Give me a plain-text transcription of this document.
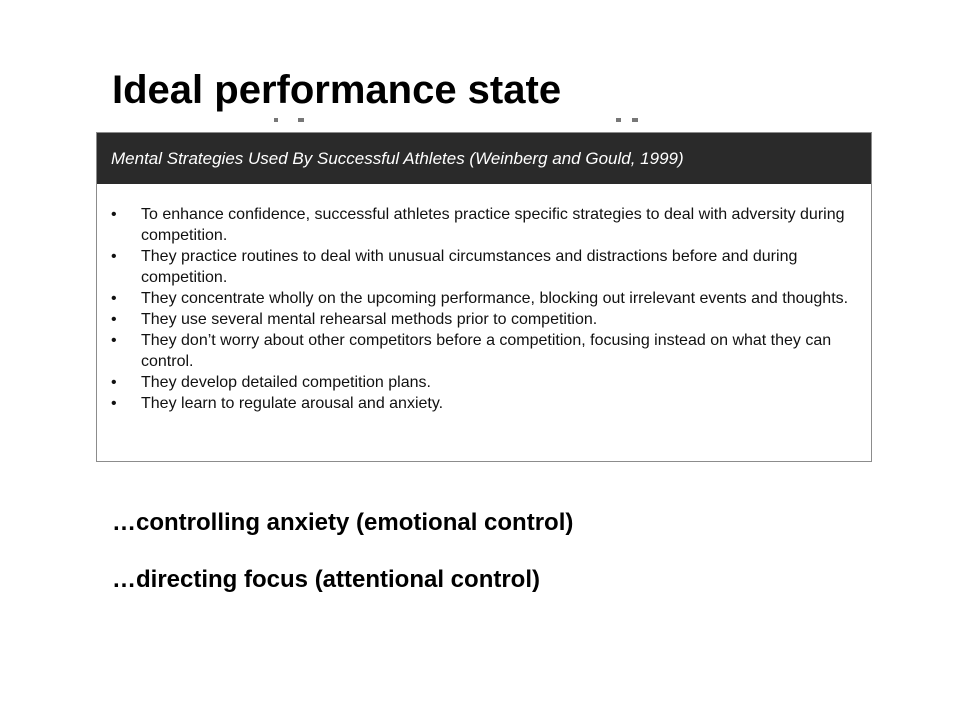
Ideal performance state
Mental Strategies Used By Successful Athletes (Weinberg and Gould, 1999)
• To enhance confidence, successful athletes practice specific strategies to deal with adversity during competition.
• They practice routines to deal with unusual circumstances and distractions before and during competition.
• They concentrate wholly on the upcoming performance, blocking out irrelevant events and thoughts.
• They use several mental rehearsal methods prior to competition.
• They don’t worry about other competitors before a competition, focusing instead on what they can control.
• They develop detailed competition plans.
• They learn to regulate arousal and anxiety.

…controlling anxiety (emotional control)

…directing focus (attentional control)
